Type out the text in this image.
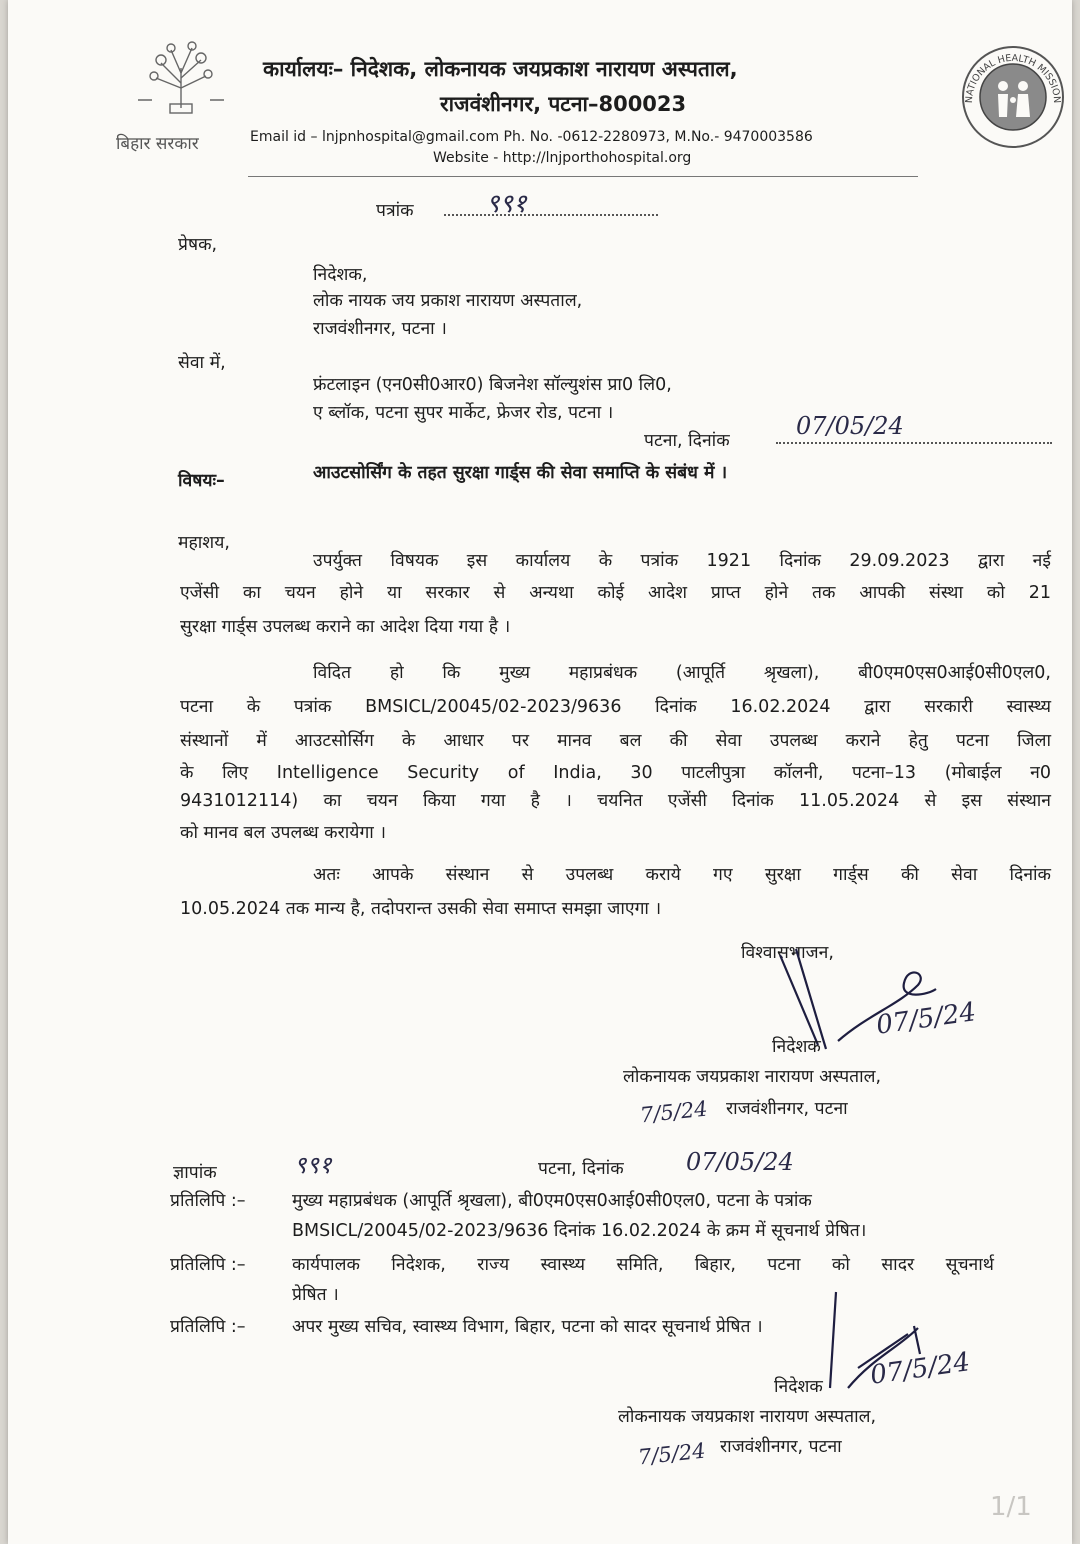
बिहार सरकार
NATIONAL HEALTH MISSION
कार्यालयः– निदेशक, लोकनायक जयप्रकाश नारायण अस्पताल,
राजवंशीनगर, पटना–800023
Email id – lnjpnhospital@gmail.com Ph. No. -0612-2280973, M.No.- 9470003586
Website - http://lnjporthohospital.org
पत्रांक	९९१
प्रेषक,
निदेशक,
लोक नायक जय प्रकाश नारायण अस्पताल,
राजवंशीनगर, पटना ।
सेवा में,
फ्रंटलाइन (एन0सी0आर0) बिजनेश सॉल्युशंस प्रा0 लि0,
ए ब्लॉक, पटना सुपर मार्केट, फ्रेजर रोड, पटना ।
पटना, दिनांक
07/05/24
विषयः–	आउटसोर्सिंग के तहत सुरक्षा गार्ड्स की सेवा समाप्ति के संबंध में ।
महाशय,
उपर्युक्त विषयक इस कार्यालय के पत्रांक 1921 दिनांक 29.09.2023 द्वारा नई
एजेंसी का चयन होने या सरकार से अन्यथा कोई आदेश प्राप्त होने तक आपकी संस्था को 21
सुरक्षा गार्ड्स उपलब्ध कराने का आदेश दिया गया है ।
विदित हो कि मुख्य महाप्रबंधक (आपूर्ति श्रृखला), बी0एम0एस0आई0सी0एल0,
पटना के पत्रांक BMSICL/20045/02-2023/9636 दिनांक 16.02.2024 द्वारा सरकारी स्वास्थ्य
संस्थानों में आउटसोर्सिग के आधार पर मानव बल की सेवा उपलब्ध कराने हेतु पटना जिला
के लिए Intelligence Security of India, 30 पाटलीपुत्रा कॉलनी, पटना–13 (मोबाईल न0
9431012114) का चयन किया गया है । चयनित एजेंसी दिनांक 11.05.2024 से इस संस्थान
को मानव बल उपलब्ध करायेगा ।
अतः आपके संस्थान से उपलब्ध कराये गए सुरक्षा गार्ड्स की सेवा दिनांक
10.05.2024 तक मान्य है, तदोपरान्त उसकी सेवा समाप्त समझा जाएगा ।
विश्वासभाजन,
निदेशक
07/5/24
लोकनायक जयप्रकाश नारायण अस्पताल,
7/5/24 राजवंशीनगर, पटना
ज्ञापांक	९९१	पटना, दिनांक	07/05/24
प्रतिलिपि :–	मुख्य महाप्रबंधक (आपूर्ति श्रृखला), बी0एम0एस0आई0सी0एल0, पटना के पत्रांक
BMSICL/20045/02-2023/9636 दिनांक 16.02.2024 के क्रम में सूचनार्थ प्रेषित।
प्रतिलिपि :–	कार्यपालक निदेशक, राज्य स्वास्थ्य समिति, बिहार, पटना को सादर सूचनार्थ
प्रेषित ।
प्रतिलिपि :–	अपर मुख्य सचिव, स्वास्थ्य विभाग, बिहार, पटना को सादर सूचनार्थ प्रेषित ।
निदेशक 07/5/24
लोकनायक जयप्रकाश नारायण अस्पताल,
7/5/24 राजवंशीनगर, पटना
1/1
